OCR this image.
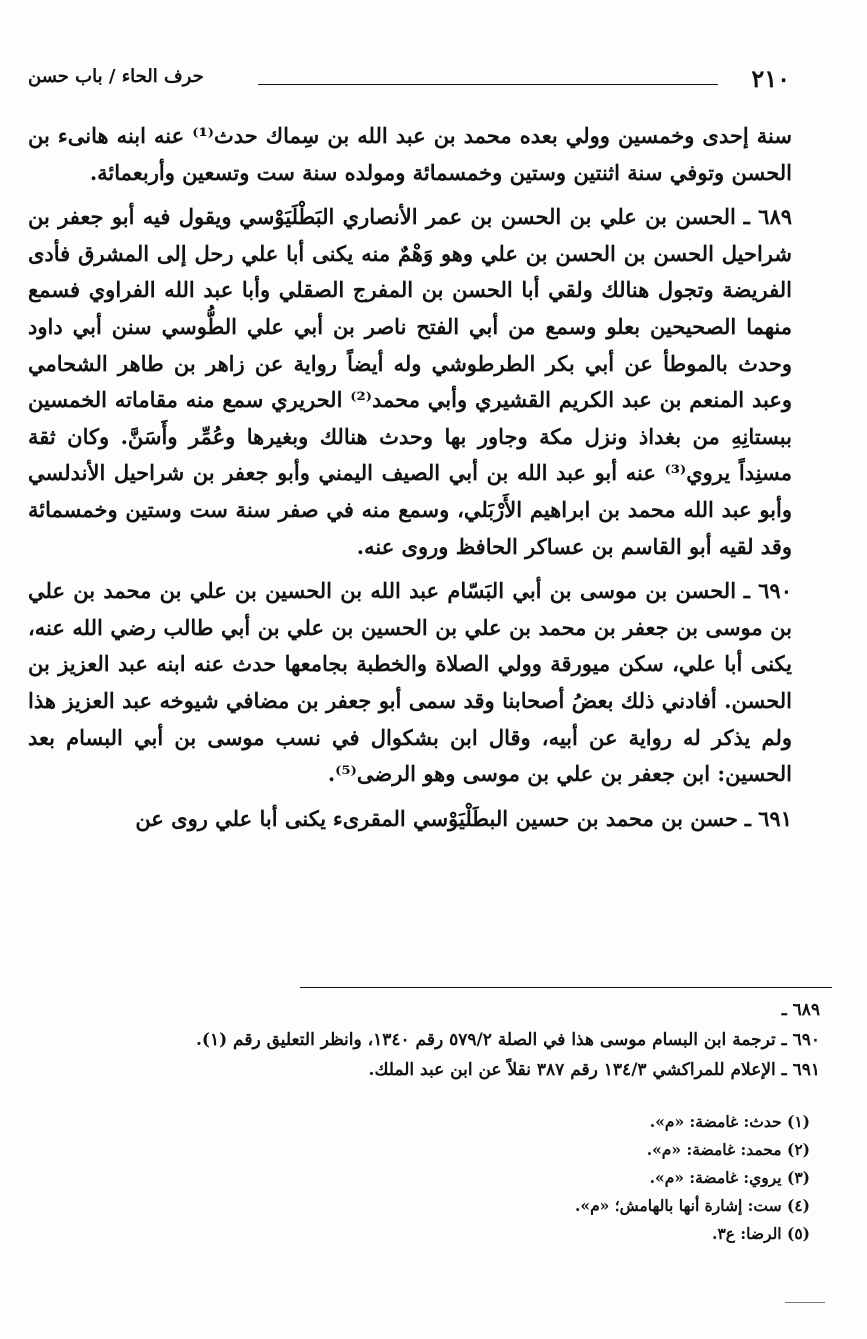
٢١٠
حرف الحاء / باب حسن

سنة إحدى وخمسين وولي بعده محمد بن عبد الله بن سِماك حدث⁽¹⁾ عنه ابنه هانىء بن الحسن وتوفي سنة اثنتين وستين وخمسمائة ومولده سنة ست وتسعين وأربعمائة.

٦٨٩ ـ الحسن بن علي بن الحسن بن عمر الأنصاري البَطْلَيَوْسي ويقول فيه أبو جعفر بن شراحيل الحسن بن الحسن بن علي وهو وَهْمٌ منه يكنى أبا علي رحل إلى المشرق فأدى الفريضة وتجول هنالك ولقي أبا الحسن بن المفرج الصقلي وأبا عبد الله الفراوي فسمع منهما الصحيحين بعلو وسمع من أبي الفتح ناصر بن أبي علي الطُّوسي سنن أبي داود وحدث بالموطأ عن أبي بكر الطرطوشي وله أيضاً رواية عن زاهر بن طاهر الشحامي وعبد المنعم بن عبد الكريم القشيري وأبي محمد⁽²⁾ الحريري سمع منه مقاماته الخمسين ببستانِهِ من بغداذ ونزل مكة وجاور بها وحدث هنالك وبغيرها وعُمِّر وأَسَنَّ. وكان ثقة مسنِداً يروي⁽³⁾ عنه أبو عبد الله بن أبي الصيف اليمني وأبو جعفر بن شراحيل الأندلسي وأبو عبد الله محمد بن ابراهيم الأَرْبَلي، وسمع منه في صفر سنة ست وستين وخمسمائة وقد لقيه أبو القاسم بن عساكر الحافظ وروى عنه.

٦٩٠ ـ الحسن بن موسى بن أبي البَسّام عبد الله بن الحسين بن علي بن محمد بن علي بن موسى بن جعفر بن محمد بن علي بن الحسين بن علي بن أبي طالب رضي الله عنه، يكنى أبا علي، سكن ميورقة وولي الصلاة والخطبة بجامعها حدث عنه ابنه عبد العزيز بن الحسن. أفادني ذلك بعضُ أصحابنا وقد سمى أبو جعفر بن مضافي شيوخه عبد العزيز هذا ولم يذكر له رواية عن أبيه، وقال ابن بشكوال في نسب موسى بن أبي البسام بعد الحسين: ابن جعفر بن علي بن موسى وهو الرضى⁽⁵⁾.

٦٩١ ـ حسن بن محمد بن حسين البطَلْيَوْسي المقرىء يكنى أبا علي روى عن

٦٨٩ ـ
٦٩٠ ـ ترجمة ابن البسام موسى هذا في الصلة ٥٧٩/٢ رقم ١٣٤٠، وانظر التعليق رقم (١).
٦٩١ ـ الإعلام للمراكشي ١٣٤/٣ رقم ٣٨٧ نقلاً عن ابن عبد الملك.
(١) حدث: غامضة: «م».
(٢) محمد: غامضة: «م».
(٣) يروي: غامضة: «م».
(٤) ست: إشارة أنها بالهامش؛ «م».
(٥) الرضا: ع٣.
